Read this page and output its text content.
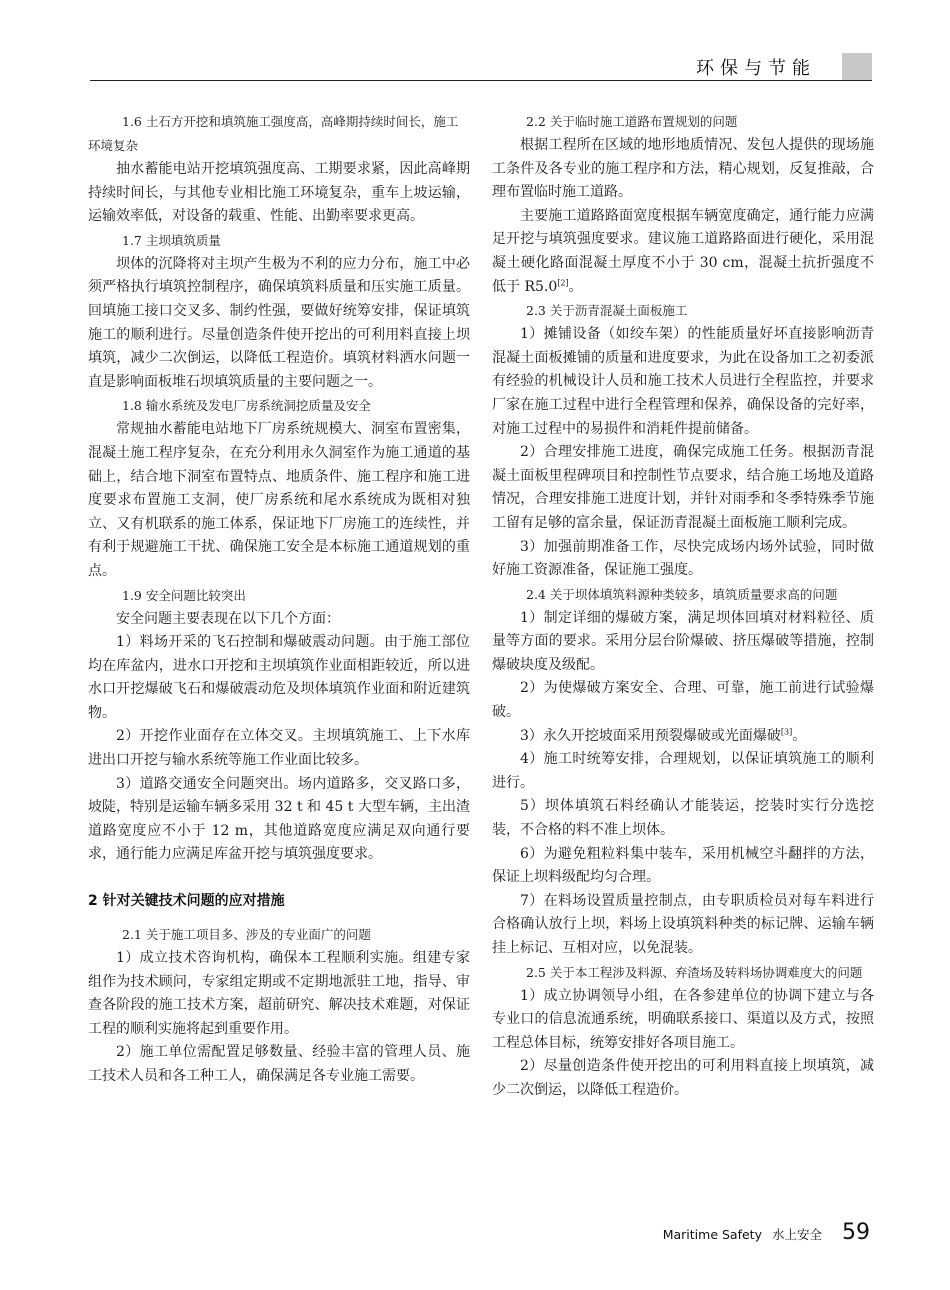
环保与节能

1.6 土石方开挖和填筑施工强度高，高峰期持续时间长，施工环境复杂

抽水蓄能电站开挖填筑强度高、工期要求紧，因此高峰期持续时间长，与其他专业相比施工环境复杂，重车上坡运输，运输效率低，对设备的载重、性能、出勤率要求更高。

1.7 主坝填筑质量

坝体的沉降将对主坝产生极为不利的应力分布，施工中必须严格执行填筑控制程序，确保填筑料质量和压实施工质量。回填施工接口交叉多、制约性强，要做好统筹安排，保证填筑施工的顺利进行。尽量创造条件使开挖出的可利用料直接上坝填筑，减少二次倒运，以降低工程造价。填筑材料洒水问题一直是影响面板堆石坝填筑质量的主要问题之一。

1.8 输水系统及发电厂房系统洞挖质量及安全

常规抽水蓄能电站地下厂房系统规模大、洞室布置密集，混凝土施工程序复杂，在充分利用永久洞室作为施工通道的基础上，结合地下洞室布置特点、地质条件、施工程序和施工进度要求布置施工支洞，使厂房系统和尾水系统成为既相对独立、又有机联系的施工体系，保证地下厂房施工的连续性，并有利于规避施工干扰、确保施工安全是本标施工通道规划的重点。

1.9 安全问题比较突出

安全问题主要表现在以下几个方面：

1）料场开采的飞石控制和爆破震动问题。由于施工部位均在库盆内，进水口开挖和主坝填筑作业面相距较近，所以进水口开挖爆破飞石和爆破震动危及坝体填筑作业面和附近建筑物。

2）开挖作业面存在立体交叉。主坝填筑施工、上下水库进出口开挖与输水系统等施工作业面比较多。

3）道路交通安全问题突出。场内道路多，交叉路口多，坡陡，特别是运输车辆多采用 32 t 和 45 t 大型车辆，主出渣道路宽度应不小于 12 m，其他道路宽度应满足双向通行要求，通行能力应满足库盆开挖与填筑强度要求。

2 针对关键技术问题的应对措施

2.1 关于施工项目多、涉及的专业面广的问题

1）成立技术咨询机构，确保本工程顺利实施。组建专家组作为技术顾问，专家组定期或不定期地派驻工地，指导、审查各阶段的施工技术方案，超前研究、解决技术难题，对保证工程的顺利实施将起到重要作用。

2）施工单位需配置足够数量、经验丰富的管理人员、施工技术人员和各工种工人，确保满足各专业施工需要。

2.2 关于临时施工道路布置规划的问题

根据工程所在区域的地形地质情况、发包人提供的现场施工条件及各专业的施工程序和方法，精心规划，反复推敲，合理布置临时施工道路。

主要施工道路路面宽度根据车辆宽度确定，通行能力应满足开挖与填筑强度要求。建议施工道路路面进行硬化，采用混凝土硬化路面混凝土厚度不小于 30 cm，混凝土抗折强度不低于 R5.0[2]。

2.3 关于沥青混凝土面板施工

1）摊铺设备（如绞车架）的性能质量好坏直接影响沥青混凝土面板摊铺的质量和进度要求，为此在设备加工之初委派有经验的机械设计人员和施工技术人员进行全程监控，并要求厂家在施工过程中进行全程管理和保养，确保设备的完好率，对施工过程中的易损件和消耗件提前储备。

2）合理安排施工进度，确保完成施工任务。根据沥青混凝土面板里程碑项目和控制性节点要求，结合施工场地及道路情况，合理安排施工进度计划，并针对雨季和冬季特殊季节施工留有足够的富余量，保证沥青混凝土面板施工顺利完成。

3）加强前期准备工作，尽快完成场内场外试验，同时做好施工资源准备，保证施工强度。

2.4 关于坝体填筑料源种类较多，填筑质量要求高的问题

1）制定详细的爆破方案，满足坝体回填对材料粒径、质量等方面的要求。采用分层台阶爆破、挤压爆破等措施，控制爆破块度及级配。

2）为使爆破方案安全、合理、可靠，施工前进行试验爆破。

3）永久开挖坡面采用预裂爆破或光面爆破[3]。

4）施工时统筹安排，合理规划，以保证填筑施工的顺利进行。

5）坝体填筑石料经确认才能装运，挖装时实行分选挖装，不合格的料不准上坝体。

6）为避免粗粒料集中装车，采用机械空斗翻拌的方法，保证上坝料级配均匀合理。

7）在料场设置质量控制点，由专职质检员对每车料进行合格确认放行上坝，料场上设填筑料种类的标记牌、运输车辆挂上标记、互相对应，以免混装。

2.5 关于本工程涉及料源、弃渣场及转料场协调难度大的问题

1）成立协调领导小组，在各参建单位的协调下建立与各专业口的信息流通系统，明确联系接口、渠道以及方式，按照工程总体目标，统筹安排好各项目施工。

2）尽量创造条件使开挖出的可利用料直接上坝填筑，减少二次倒运，以降低工程造价。

Maritime Safety 水上安全 59
